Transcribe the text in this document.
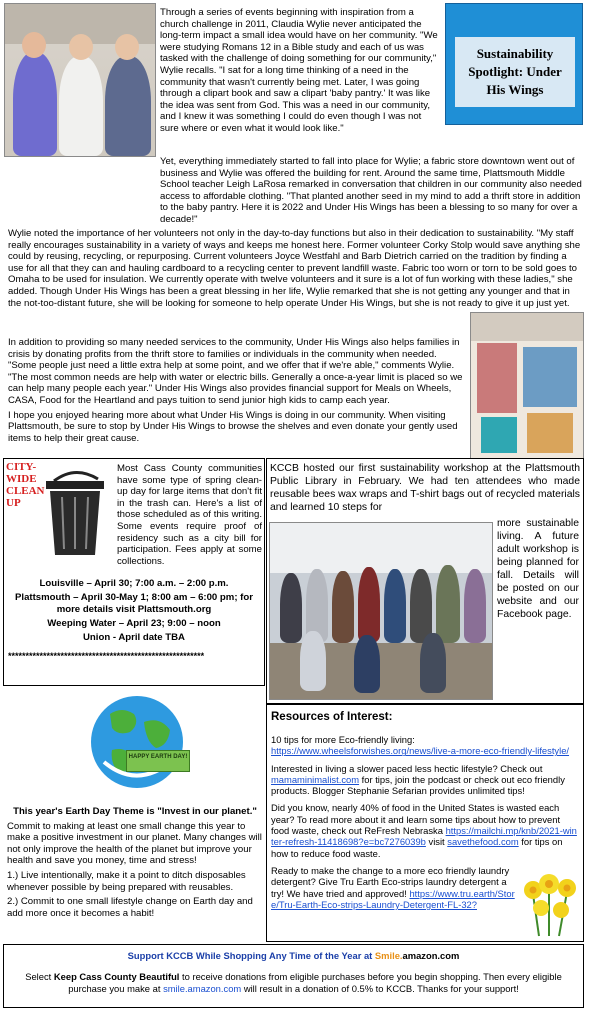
Sustainability
Spotlight: Under
His Wings

Through a series of events beginning with inspiration from a church challenge in 2011, Claudia Wylie never anticipated the long-term impact a small idea would have on her community. "We were studying Romans 12 in a Bible study and each of us was tasked with the challenge of doing something for our community," Wylie recalls. "I sat for a long time thinking of a need in the community that wasn't currently being met. Later, I was going through a clipart book and saw a clipart 'baby pantry.' It was like the idea was sent from God. This was a need in our community, and I knew it was something I could do even though I was not sure where or even what it would look like."

Yet, everything immediately started to fall into place for Wylie; a fabric store downtown went out of business and Wylie was offered the building for rent. Around the same time, Plattsmouth Middle School teacher Leigh LaRosa remarked in conversation that children in our community also needed access to affordable clothing. "That planted another seed in my mind to add a thrift store in addition to the baby pantry. Here it is 2022 and Under His Wings has been a blessing to so many for over a decade!"

Wylie noted the importance of her volunteers not only in the day-to-day functions but also in their dedication to sustainability. "My staff really encourages sustainability in a variety of ways and keeps me honest here. Former volunteer Corky Stolp would save anything she could by reusing, recycling, or repurposing. Current volunteers Joyce Westfahl and Barb Dietrich carried on the tradition by finding a use for all that they can and hauling cardboard to a recycling center to prevent landfill waste. Fabric too worn or torn to be sold goes to Omaha to be used for insulation. We currently operate with twelve volunteers and it sure is a lot of fun working with these ladies," she added. Though Under His Wings has been a great blessing in her life, Wylie remarked that she is not getting any younger and that in the not-too-distant future, she will be looking for someone to help operate Under His Wings, but she is not ready to give it up just yet.

In addition to providing so many needed services to the community, Under His Wings also helps families in crisis by donating profits from the thrift store to families or individuals in the community when needed. "Some people just need a little extra help at some point, and we offer that if we're able," comments Wylie. "The most common needs are help with water or electric bills. Generally a once-a-year limit is placed so we can help many people each year." Under His Wings also provides financial support for Meals on Wheels, CASA, Food for the Heartland and pays tuition to send junior high kids to camp each year.

I hope you enjoyed hearing more about what Under His Wings is doing in our community. When visiting Plattsmouth, be sure to stop by Under His Wings to browse the shelves and even donate your gently used items to help their great cause.

CITY-
WIDE
CLEAN
UP

Most Cass County communities have some type of spring clean-up day for large items that don't fit in the trash can. Here's a list of those scheduled as of this writing. Some events require proof of residency such as a city bill for participation. Fees apply at some collections.

Louisville – April 30; 7:00 a.m. – 2:00 p.m.

Plattsmouth – April 30-May 1; 8:00 am – 6:00 pm; for more details visit Plattsmouth.org

Weeping Water – April 23; 9:00 – noon

Union - April date TBA

********************************************************
HAPPY EARTH DAY!

This year's Earth Day Theme is "Invest in our planet."

Commit to making at least one small change this year to make a positive investment in our planet. Many changes will not only improve the health of the planet but improve your health and save you money, time and stress!

1.) Live intentionally, make it a point to ditch disposables whenever possible by being prepared with reusables.

2.) Commit to one small lifestyle change on Earth day and add more once it becomes a habit!

KCCB hosted our first sustainability workshop at the Plattsmouth Public Library in February. We had ten attendees who made reusable bees wax wraps and T-shirt bags out of recycled materials and learned 10 steps for
more sustainable living. A future adult workshop is being planned for fall. Details will be posted on our website and our Facebook page.
Resources of Interest:

10 tips for more Eco-friendly living: https://www.wheelsforwishes.org/news/live-a-more-eco-friendly-lifestyle/

Interested in living a slower paced less hectic lifestyle? Check out mamaminimalist.com for tips, join the podcast or check out eco friendly products. Blogger Stephanie Sefarian provides unlimited tips!

Did you know, nearly 40% of food in the United States is wasted each year? To read more about it and learn some tips about how to prevent food waste, check out ReFresh Nebraska https://mailchi.mp/knb/2021-winter-refresh-11418698?e=bc7276039b visit savethefood.com for tips on how to reduce food waste.

Ready to make the change to a more eco friendly laundry detergent? Give Tru Earth Eco-strips laundry detergent a try! We have tried and approved! https://www.tru.earth/Store/Tru-Earth-Eco-strips-Laundry-Detergent-FL-32?

Support KCCB While Shopping Any Time of the Year at Smile.amazon.com

Select Keep Cass County Beautiful to receive donations from eligible purchases before you begin shopping. Then every eligible purchase you make at smile.amazon.com will result in a donation of 0.5% to KCCB. Thanks for your support!
